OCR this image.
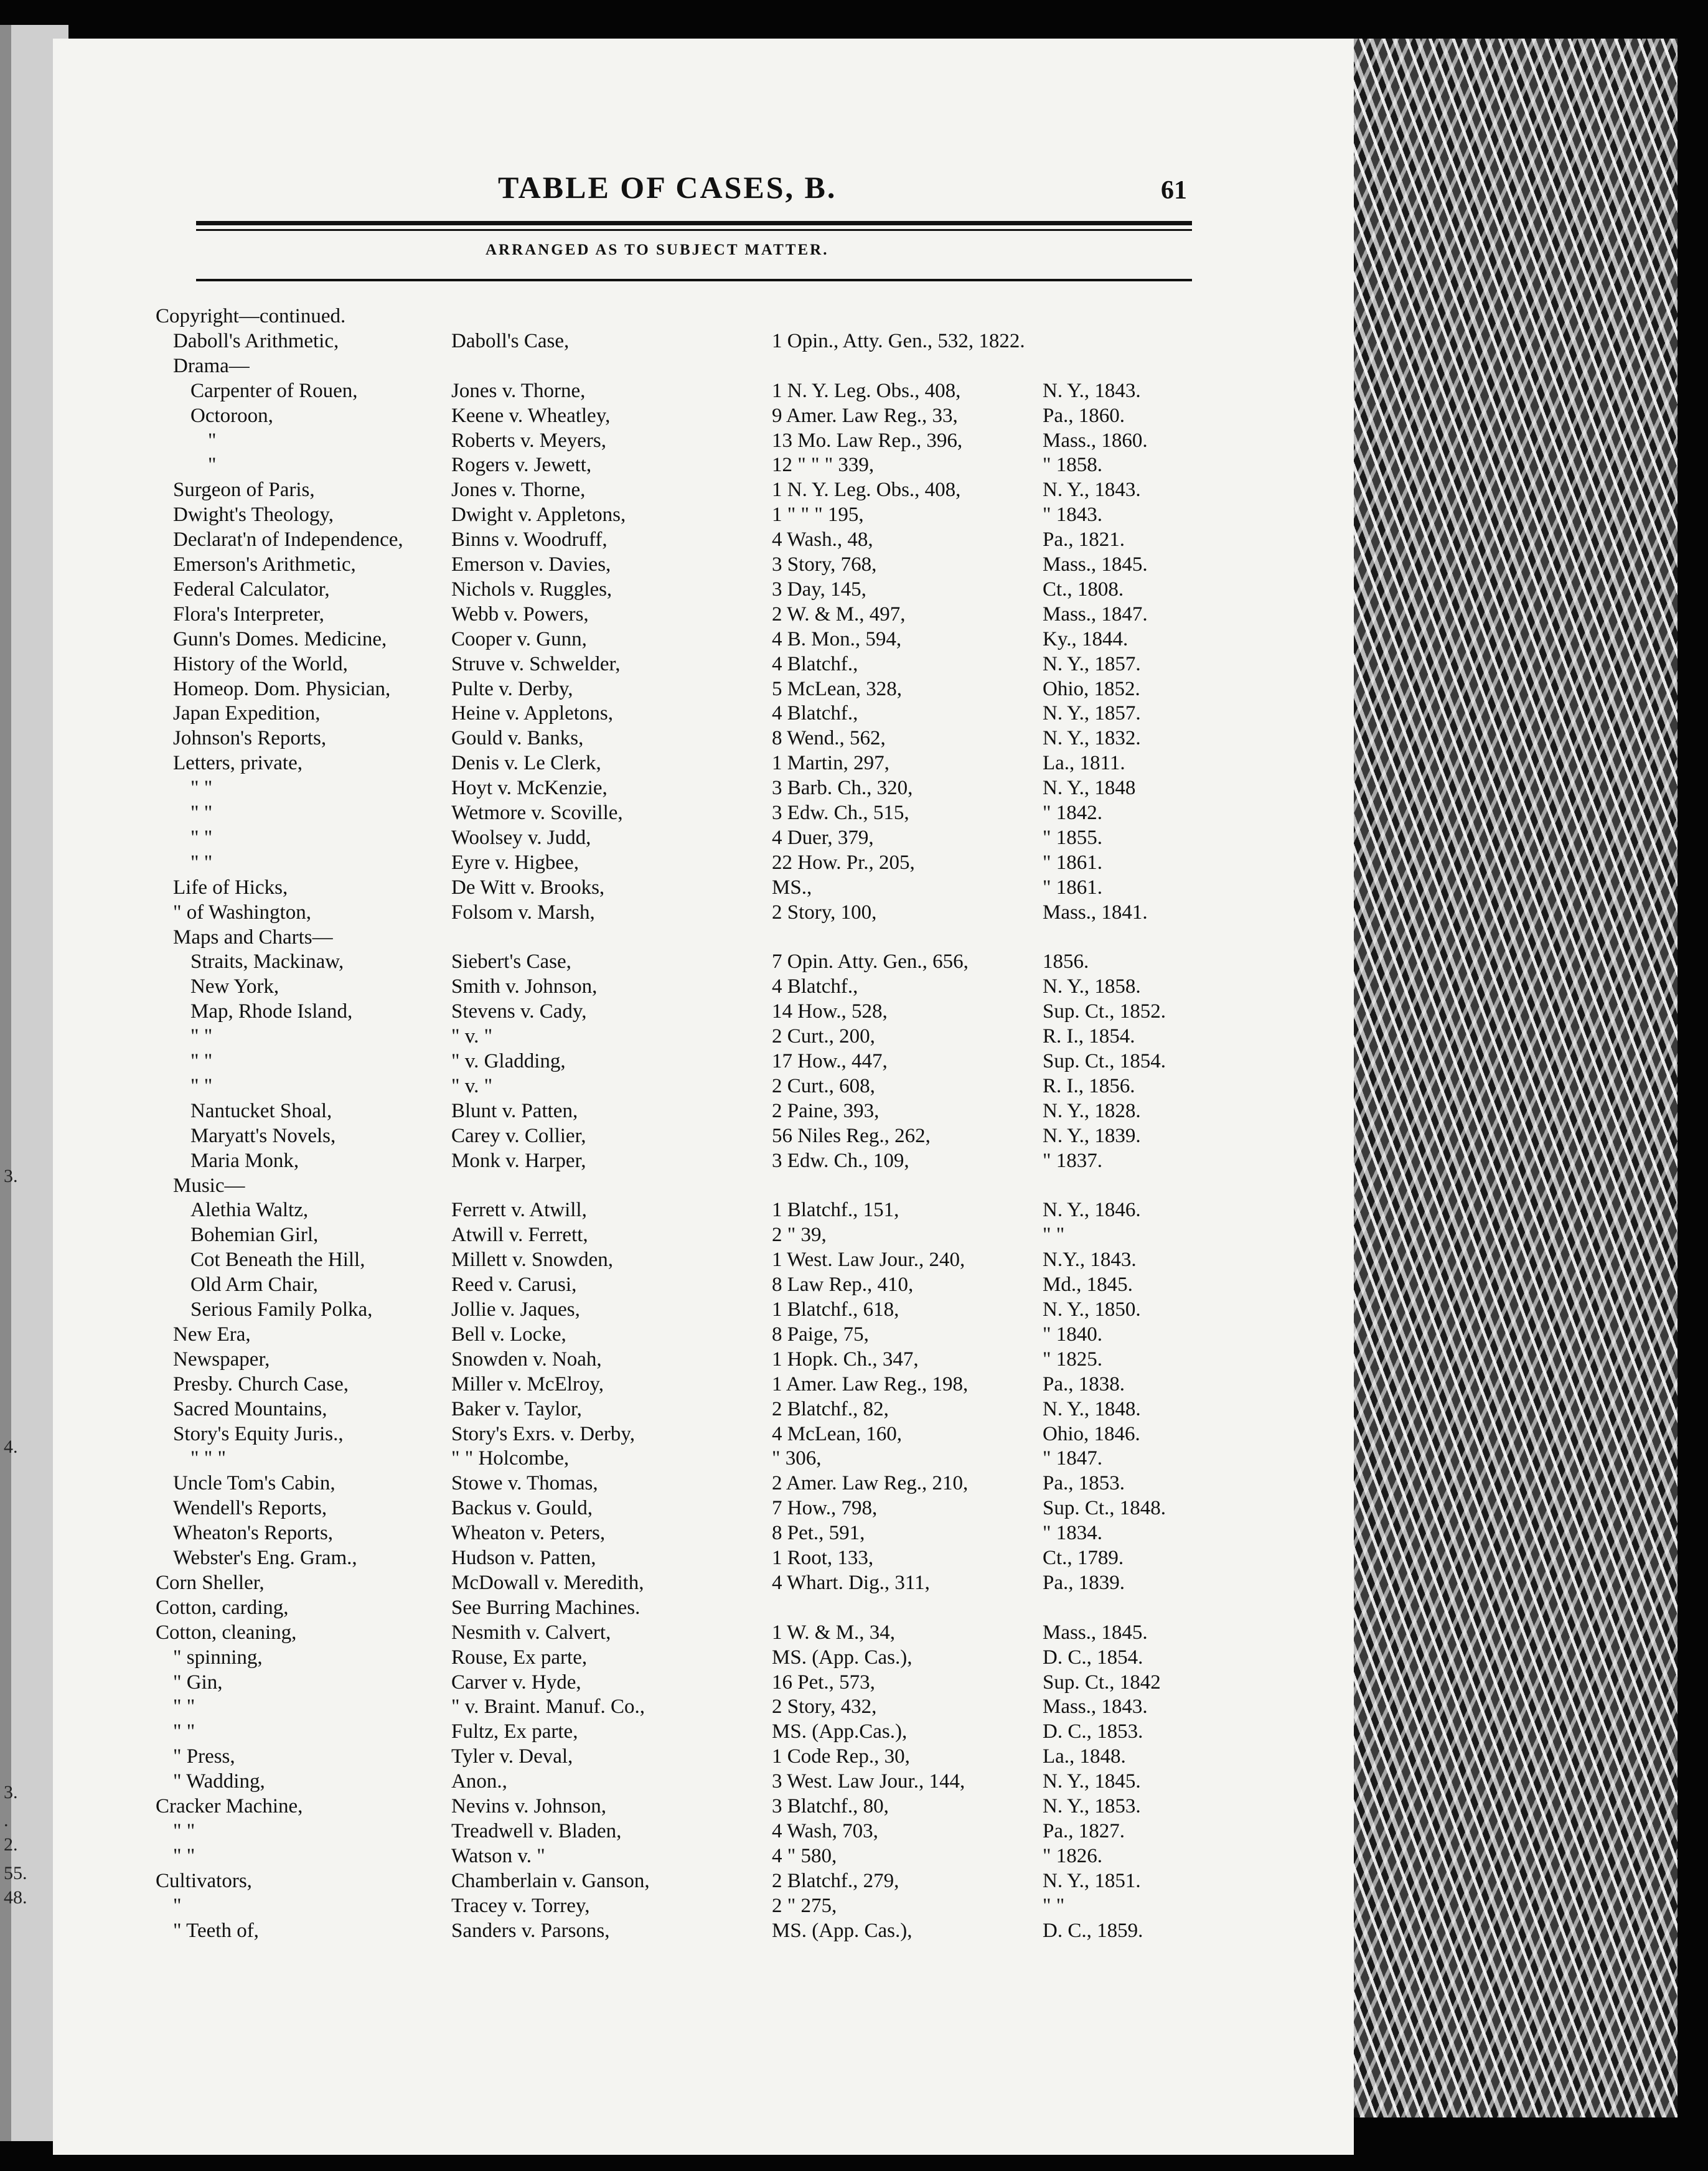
3.
4.
3.
.
2.
55.
48.
TABLE OF CASES, B.	61
ARRANGED AS TO SUBJECT MATTER.
Copyright—continued.
Daboll's Arithmetic,	Daboll's Case,	1 Opin., Atty. Gen., 532, 1822.
Drama—
Carpenter of Rouen,	Jones v. Thorne,	1 N. Y. Leg. Obs., 408,	N. Y., 1843.
Octoroon,	Keene v. Wheatley,	9 Amer. Law Reg., 33,	Pa., 1860.
"	Roberts v. Meyers,	13 Mo. Law Rep., 396,	Mass., 1860.
"	Rogers v. Jewett,	12 " " " 339,	" 1858.
Surgeon of Paris,	Jones v. Thorne,	1 N. Y. Leg. Obs., 408,	N. Y., 1843.
Dwight's Theology,	Dwight v. Appletons,	1 " " " 195,	" 1843.
Declarat'n of Independence, Binns v. Woodruff,	4 Wash., 48,	Pa., 1821.
Emerson's Arithmetic,	Emerson v. Davies,	3 Story, 768,	Mass., 1845.
Federal Calculator,	Nichols v. Ruggles,	3 Day, 145,	Ct., 1808.
Flora's Interpreter,	Webb v. Powers,	2 W. & M., 497,	Mass., 1847.
Gunn's Domes. Medicine,	Cooper v. Gunn,	4 B. Mon., 594,	Ky., 1844.
History of the World,	Struve v. Schwelder,	4 Blatchf.,	N. Y., 1857.
Homeop. Dom. Physician,	Pulte v. Derby,	5 McLean, 328,	Ohio, 1852.
Japan Expedition,	Heine v. Appletons,	4 Blatchf.,	N. Y., 1857.
Johnson's Reports,	Gould v. Banks,	8 Wend., 562,	N. Y., 1832.
Letters, private,	Denis v. Le Clerk,	1 Martin, 297,	La., 1811.
" "	Hoyt v. McKenzie,	3 Barb. Ch., 320,	N. Y., 1848
" "	Wetmore v. Scoville,	3 Edw. Ch., 515,	" 1842.
" "	Woolsey v. Judd,	4 Duer, 379,	" 1855.
" "	Eyre v. Higbee,	22 How. Pr., 205,	" 1861.
Life of Hicks,	De Witt v. Brooks,	MS.,	" 1861.
" of Washington,	Folsom v. Marsh,	2 Story, 100,	Mass., 1841.
Maps and Charts—
Straits, Mackinaw,	Siebert's Case,	7 Opin. Atty. Gen., 656,	1856.
New York,	Smith v. Johnson,	4 Blatchf.,	N. Y., 1858.
Map, Rhode Island,	Stevens v. Cady,	14 How., 528,	Sup. Ct., 1852.
" "	" v. "	2 Curt., 200,	R. I., 1854.
" "	" v. Gladding,	17 How., 447,	Sup. Ct., 1854.
" "	" v. "	2 Curt., 608,	R. I., 1856.
Nantucket Shoal,	Blunt v. Patten,	2 Paine, 393,	N. Y., 1828.
Maryatt's Novels,	Carey v. Collier,	56 Niles Reg., 262,	N. Y., 1839.
Maria Monk,	Monk v. Harper,	3 Edw. Ch., 109,	" 1837.
Music—
Alethia Waltz,	Ferrett v. Atwill,	1 Blatchf., 151,	N. Y., 1846.
Bohemian Girl,	Atwill v. Ferrett,	2 " 39,	" "
Cot Beneath the Hill,	Millett v. Snowden,	1 West. Law Jour., 240,	N.Y., 1843.
Old Arm Chair,	Reed v. Carusi,	8 Law Rep., 410,	Md., 1845.
Serious Family Polka,	Jollie v. Jaques,	1 Blatchf., 618,	N. Y., 1850.
New Era,	Bell v. Locke,	8 Paige, 75,	" 1840.
Newspaper,	Snowden v. Noah,	1 Hopk. Ch., 347,	" 1825.
Presby. Church Case,	Miller v. McElroy,	1 Amer. Law Reg., 198,	Pa., 1838.
Sacred Mountains,	Baker v. Taylor,	2 Blatchf., 82,	N. Y., 1848.
Story's Equity Juris.,	Story's Exrs. v. Derby,	4 McLean, 160,	Ohio, 1846.
" " "	" " Holcombe,	" 306,	" 1847.
Uncle Tom's Cabin,	Stowe v. Thomas,	2 Amer. Law Reg., 210,	Pa., 1853.
Wendell's Reports,	Backus v. Gould,	7 How., 798,	Sup. Ct., 1848.
Wheaton's Reports,	Wheaton v. Peters,	8 Pet., 591,	" 1834.
Webster's Eng. Gram.,	Hudson v. Patten,	1 Root, 133,	Ct., 1789.
Corn Sheller,	McDowall v. Meredith,	4 Whart. Dig., 311,	Pa., 1839.
Cotton, carding,	See Burring Machines.
Cotton, cleaning,	Nesmith v. Calvert,	1 W. & M., 34,	Mass., 1845.
" spinning,	Rouse, Ex parte,	MS. (App. Cas.),	D. C., 1854.
" Gin,	Carver v. Hyde,	16 Pet., 573,	Sup. Ct., 1842
" "	" v. Braint. Manuf. Co.,	2 Story, 432,	Mass., 1843.
" "	Fultz, Ex parte,	MS. (App.Cas.),	D. C., 1853.
" Press,	Tyler v. Deval,	1 Code Rep., 30,	La., 1848.
" Wadding,	Anon.,	3 West. Law Jour., 144,	N. Y., 1845.
Cracker Machine,	Nevins v. Johnson,	3 Blatchf., 80,	N. Y., 1853.
" "	Treadwell v. Bladen,	4 Wash, 703,	Pa., 1827.
" "	Watson v. "	4 " 580,	" 1826.
Cultivators,	Chamberlain v. Ganson,	2 Blatchf., 279,	N. Y., 1851.
"	Tracey v. Torrey,	2 " 275,	" "
" Teeth of,	Sanders v. Parsons,	MS. (App. Cas.),	D. C., 1859.
